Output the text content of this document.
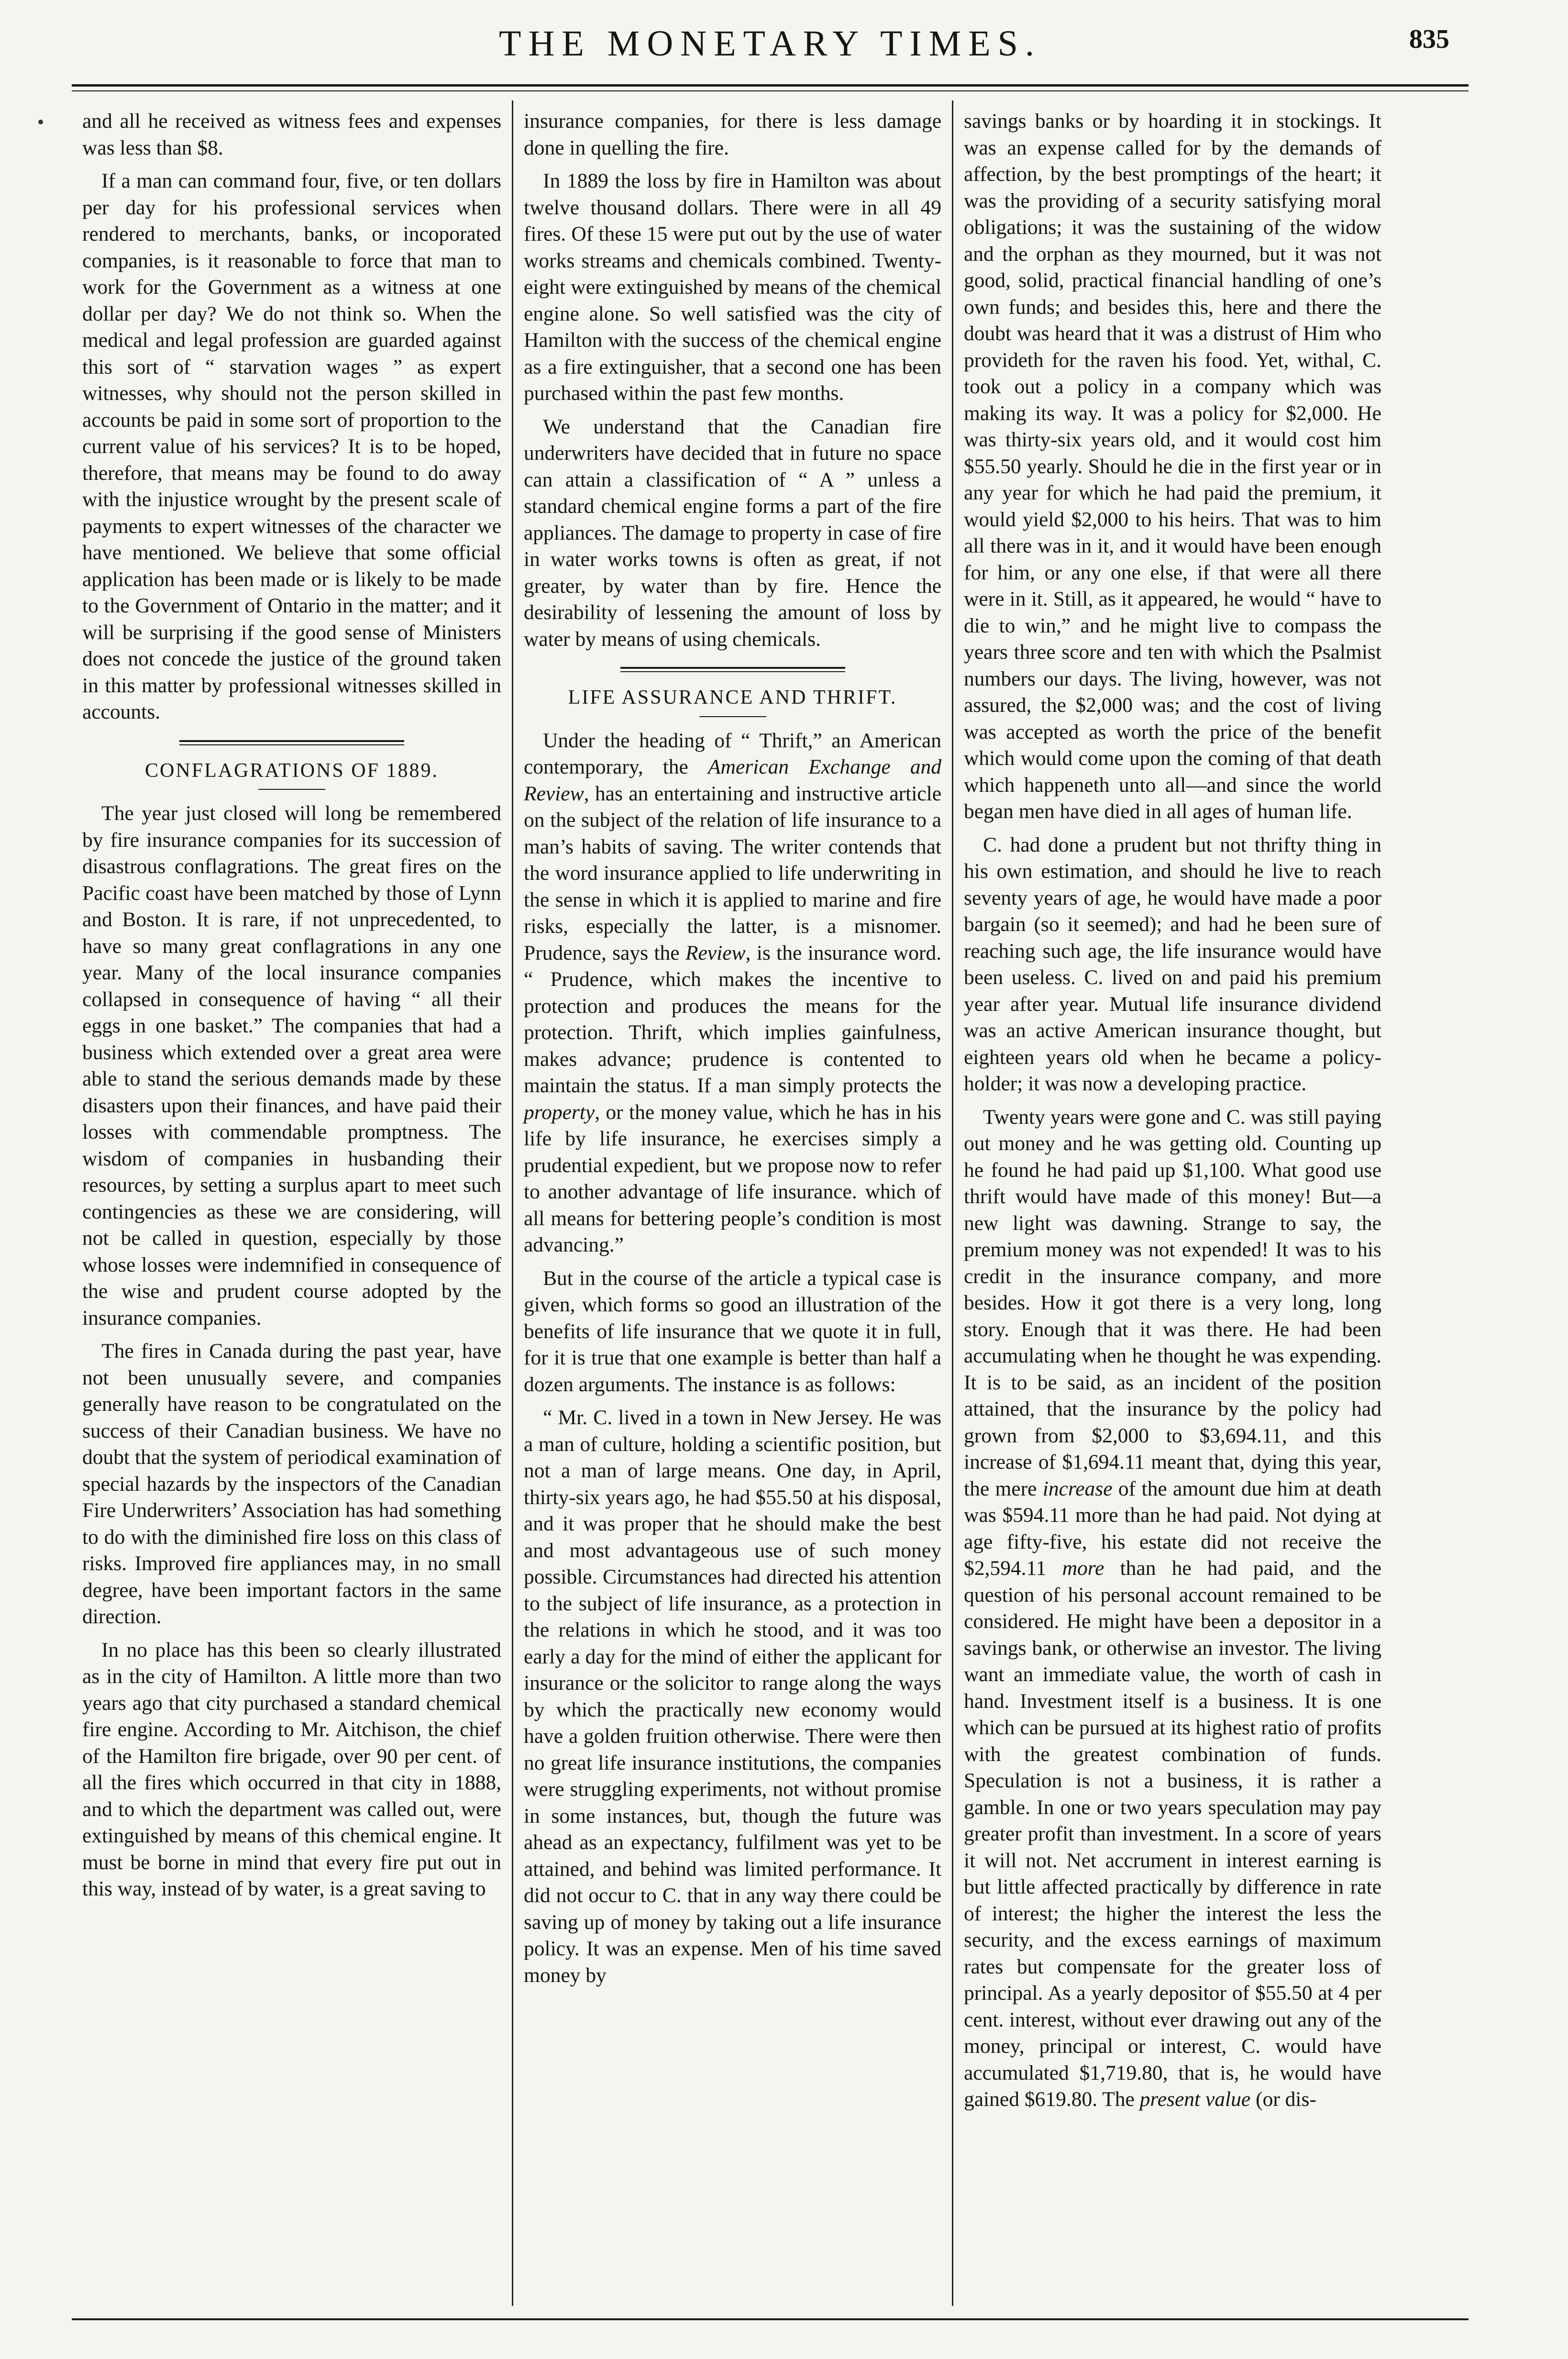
THE MONETARY TIMES.	835

and all he received as witness fees and expenses was less than $8.

If a man can command four, five, or ten dollars per day for his professional services when rendered to merchants, banks, or incoporated companies, is it reasonable to force that man to work for the Government as a witness at one dollar per day? We do not think so. When the medical and legal profession are guarded against this sort of “ starvation wages ” as expert witnesses, why should not the person skilled in accounts be paid in some sort of proportion to the current value of his services? It is to be hoped, therefore, that means may be found to do away with the injustice wrought by the present scale of payments to expert witnesses of the character we have mentioned. We believe that some official application has been made or is likely to be made to the Government of Ontario in the matter; and it will be surprising if the good sense of Ministers does not concede the justice of the ground taken in this matter by professional witnesses skilled in accounts.

CONFLAGRATIONS OF 1889.

The year just closed will long be remembered by fire insurance companies for its succession of disastrous conflagrations. The great fires on the Pacific coast have been matched by those of Lynn and Boston. It is rare, if not unprecedented, to have so many great conflagrations in any one year. Many of the local insurance companies collapsed in consequence of having “ all their eggs in one basket.” The companies that had a business which extended over a great area were able to stand the serious demands made by these disasters upon their finances, and have paid their losses with commendable promptness. The wisdom of companies in husbanding their resources, by setting a surplus apart to meet such contingencies as these we are considering, will not be called in question, especially by those whose losses were indemnified in consequence of the wise and prudent course adopted by the insurance companies.

The fires in Canada during the past year, have not been unusually severe, and companies generally have reason to be congratulated on the success of their Canadian business. We have no doubt that the system of periodical examination of special hazards by the inspectors of the Canadian Fire Underwriters’ Association has had something to do with the diminished fire loss on this class of risks. Improved fire appliances may, in no small degree, have been important factors in the same direction.

In no place has this been so clearly illustrated as in the city of Hamilton. A little more than two years ago that city purchased a standard chemical fire engine. According to Mr. Aitchison, the chief of the Hamilton fire brigade, over 90 per cent. of all the fires which occurred in that city in 1888, and to which the department was called out, were extinguished by means of this chemical engine. It must be borne in mind that every fire put out in this way, instead of by water, is a great saving to

insurance companies, for there is less damage done in quelling the fire.

In 1889 the loss by fire in Hamilton was about twelve thousand dollars. There were in all 49 fires. Of these 15 were put out by the use of water works streams and chemicals combined. Twenty-eight were extinguished by means of the chemical engine alone. So well satisfied was the city of Hamilton with the success of the chemical engine as a fire extinguisher, that a second one has been purchased within the past few months.

We understand that the Canadian fire underwriters have decided that in future no space can attain a classification of “ A ” unless a standard chemical engine forms a part of the fire appliances. The damage to property in case of fire in water works towns is often as great, if not greater, by water than by fire. Hence the desirability of lessening the amount of loss by water by means of using chemicals.

LIFE ASSURANCE AND THRIFT.

Under the heading of “ Thrift,” an American contemporary, the American Exchange and Review, has an entertaining and instructive article on the subject of the relation of life insurance to a man’s habits of saving. The writer contends that the word insurance applied to life underwriting in the sense in which it is applied to marine and fire risks, especially the latter, is a misnomer. Prudence, says the Review, is the insurance word. “ Prudence, which makes the incentive to protection and produces the means for the protection. Thrift, which implies gainfulness, makes advance; prudence is contented to maintain the status. If a man simply protects the property, or the money value, which he has in his life by life insurance, he exercises simply a prudential expedient, but we propose now to refer to another advantage of life insurance. which of all means for bettering people’s condition is most advancing.”

But in the course of the article a typical case is given, which forms so good an illustration of the benefits of life insurance that we quote it in full, for it is true that one example is better than half a dozen arguments. The instance is as follows:

“ Mr. C. lived in a town in New Jersey. He was a man of culture, holding a scientific position, but not a man of large means. One day, in April, thirty-six years ago, he had $55.50 at his disposal, and it was proper that he should make the best and most advantageous use of such money possible. Circumstances had directed his attention to the subject of life insurance, as a protection in the relations in which he stood, and it was too early a day for the mind of either the applicant for insurance or the solicitor to range along the ways by which the practically new economy would have a golden fruition otherwise. There were then no great life insurance institutions, the companies were struggling experiments, not without promise in some instances, but, though the future was ahead as an expectancy, fulfilment was yet to be attained, and behind was limited performance. It did not occur to C. that in any way there could be saving up of money by taking out a life insurance policy. It was an expense. Men of his time saved money by

savings banks or by hoarding it in stockings. It was an expense called for by the demands of affection, by the best promptings of the heart; it was the providing of a security satisfying moral obligations; it was the sustaining of the widow and the orphan as they mourned, but it was not good, solid, practical financial handling of one’s own funds; and besides this, here and there the doubt was heard that it was a distrust of Him who provideth for the raven his food. Yet, withal, C. took out a policy in a company which was making its way. It was a policy for $2,000. He was thirty-six years old, and it would cost him $55.50 yearly. Should he die in the first year or in any year for which he had paid the premium, it would yield $2,000 to his heirs. That was to him all there was in it, and it would have been enough for him, or any one else, if that were all there were in it. Still, as it appeared, he would “ have to die to win,” and he might live to compass the years three score and ten with which the Psalmist numbers our days. The living, however, was not assured, the $2,000 was; and the cost of living was accepted as worth the price of the benefit which would come upon the coming of that death which happeneth unto all—and since the world began men have died in all ages of human life.

C. had done a prudent but not thrifty thing in his own estimation, and should he live to reach seventy years of age, he would have made a poor bargain (so it seemed); and had he been sure of reaching such age, the life insurance would have been useless. C. lived on and paid his premium year after year. Mutual life insurance dividend was an active American insurance thought, but eighteen years old when he became a policy-holder; it was now a developing practice.

Twenty years were gone and C. was still paying out money and he was getting old. Counting up he found he had paid up $1,100. What good use thrift would have made of this money! But—a new light was dawning. Strange to say, the premium money was not expended! It was to his credit in the insurance company, and more besides. How it got there is a very long, long story. Enough that it was there. He had been accumulating when he thought he was expending. It is to be said, as an incident of the position attained, that the insurance by the policy had grown from $2,000 to $3,694.11, and this increase of $1,694.11 meant that, dying this year, the mere increase of the amount due him at death was $594.11 more than he had paid. Not dying at age fifty-five, his estate did not receive the $2,594.11 more than he had paid, and the question of his personal account remained to be considered. He might have been a depositor in a savings bank, or otherwise an investor. The living want an immediate value, the worth of cash in hand. Investment itself is a business. It is one which can be pursued at its highest ratio of profits with the greatest combination of funds. Speculation is not a business, it is rather a gamble. In one or two years speculation may pay greater profit than investment. In a score of years it will not. Net accrument in interest earning is but little affected practically by difference in rate of interest; the higher the interest the less the security, and the excess earnings of maximum rates but compensate for the greater loss of principal. As a yearly depositor of $55.50 at 4 per cent. interest, without ever drawing out any of the money, principal or interest, C. would have accumulated $1,719.80, that is, he would have gained $619.80. The present value (or dis-
